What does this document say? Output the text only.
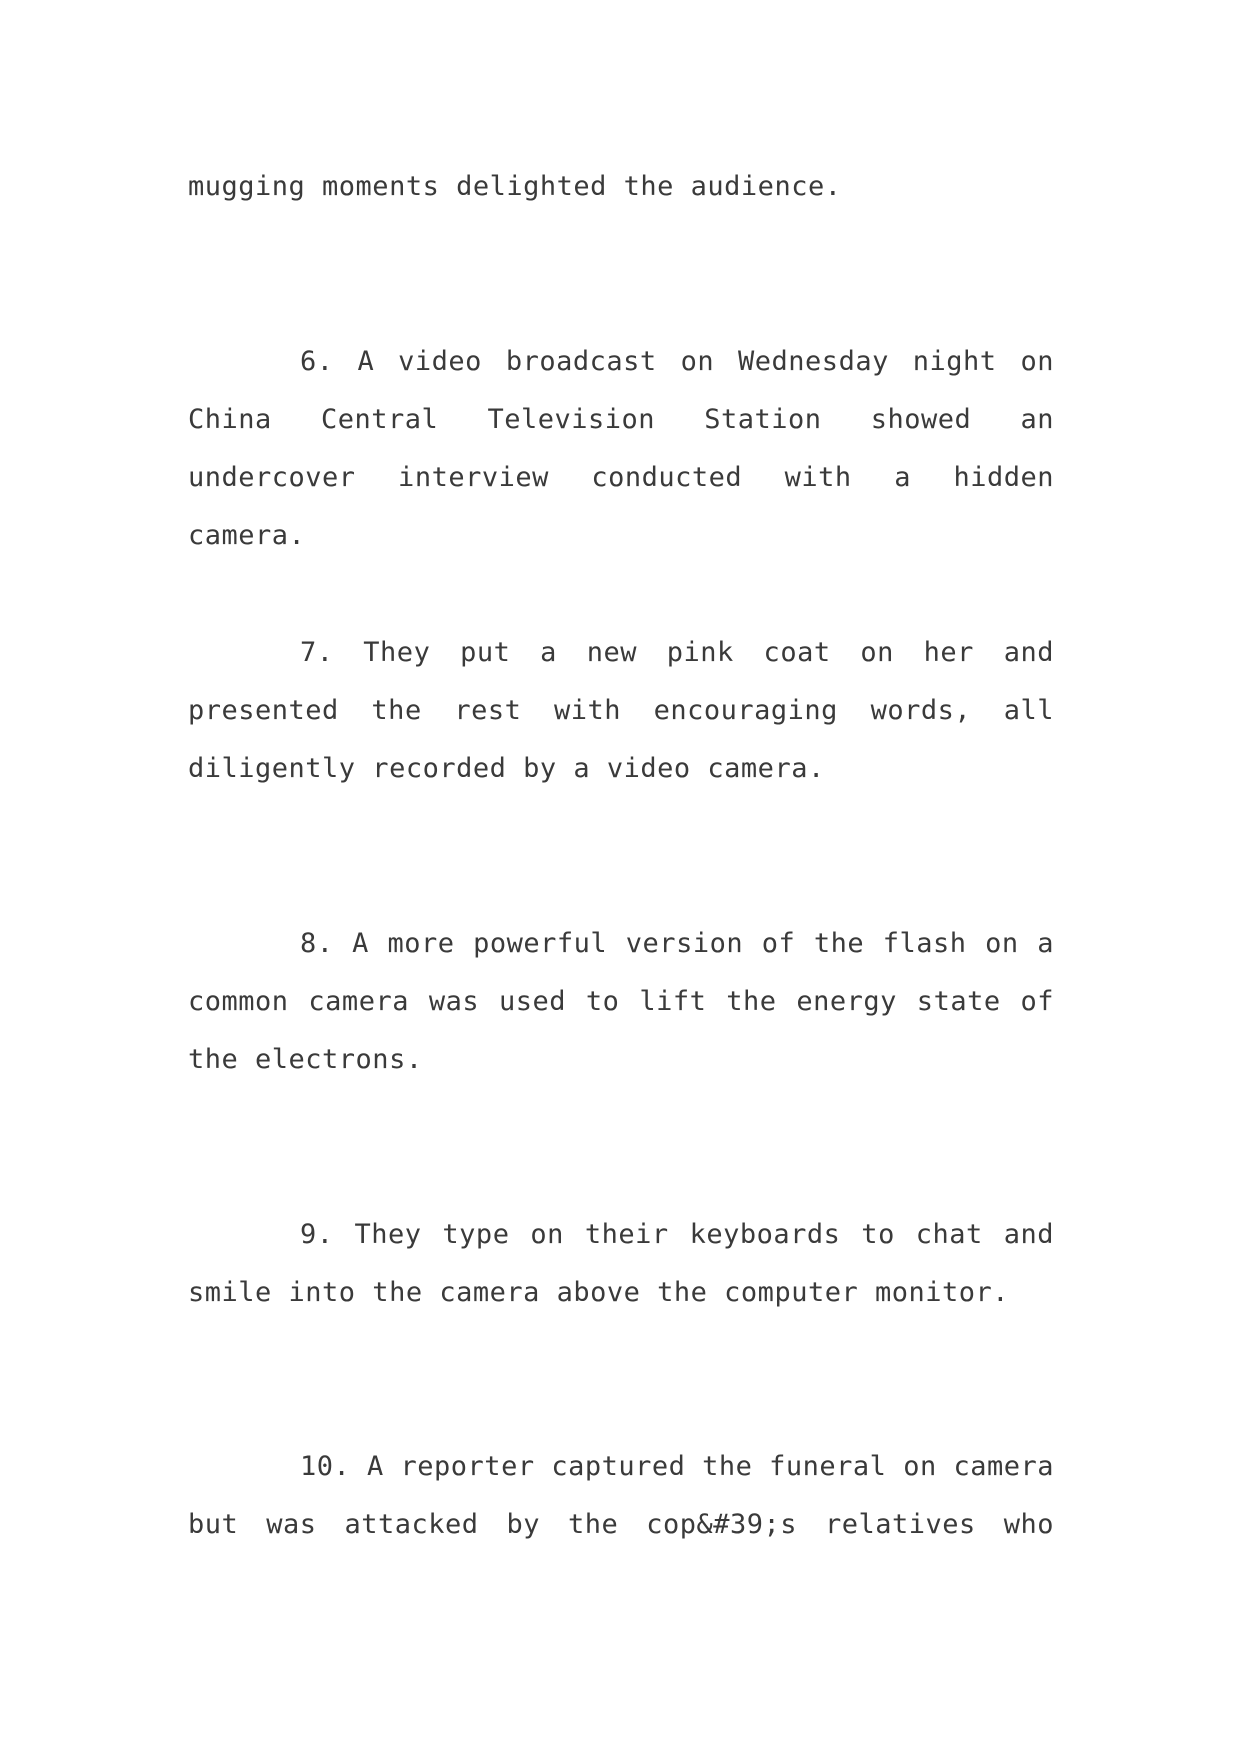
mugging moments delighted the audience.

6. A video broadcast on Wednesday night on China Central Television Station showed an undercover interview conducted with a hidden camera.

7. They put a new pink coat on her and presented the rest with encouraging words, all diligently recorded by a video camera.

8. A more powerful version of the flash on a common camera was used to lift the energy state of the electrons.

9. They type on their keyboards to chat and smile into the camera above the computer monitor.

10. A reporter captured the funeral on camera but was attacked by the cop&#39;s relatives who
